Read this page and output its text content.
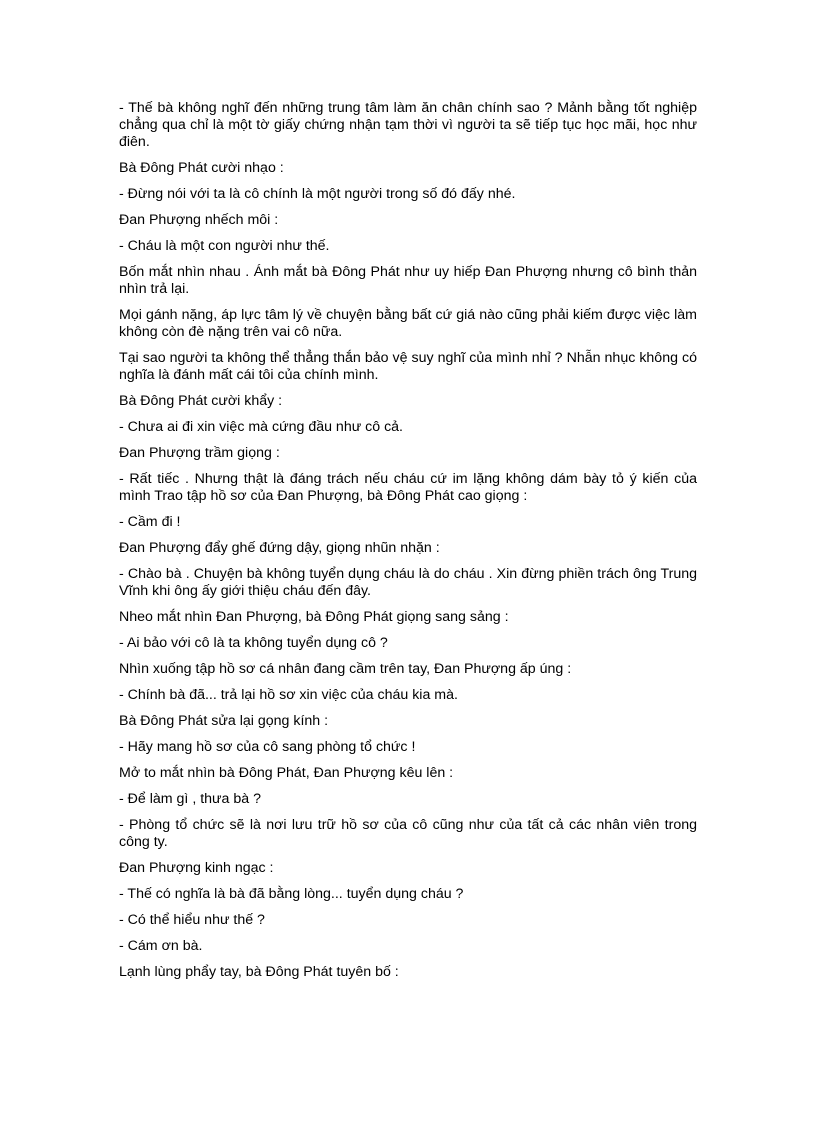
- Thế bà không nghĩ đến những trung tâm làm ăn chân chính sao ? Mảnh bằng tốt nghiệp chẳng qua chỉ là một tờ giấy chứng nhận tạm thời vì người ta sẽ tiếp tục học mãi, học như điên.

Bà Đông Phát cười nhạo :

- Đừng nói với ta là cô chính là một người trong số đó đấy nhé.

Đan Phượng nhếch môi :

- Cháu là một con người như thế.

Bốn mắt nhìn nhau . Ánh mắt bà Đông Phát như uy hiếp Đan Phượng nhưng cô bình thản nhìn trả lại.

Mọi gánh nặng, áp lực tâm lý về chuyện bằng bất cứ giá nào cũng phải kiếm được việc làm không còn đè nặng trên vai cô nữa.

Tại sao người ta không thể thẳng thắn bảo vệ suy nghĩ của mình nhỉ ? Nhẫn nhục không có nghĩa là đánh mất cái tôi của chính mình.

Bà Đông Phát cười khẩy :

- Chưa ai đi xin việc mà cứng đầu như cô cả.

Đan Phượng trầm giọng :

- Rất tiếc . Nhưng thật là đáng trách nếu cháu cứ im lặng không dám bày tỏ ý kiến của mình Trao tập hồ sơ của Đan Phượng, bà Đông Phát cao giọng :

- Cầm đi !

Đan Phượng đẩy ghế đứng dậy, giọng nhũn nhặn :

- Chào bà . Chuyện bà không tuyển dụng cháu là do cháu . Xin đừng phiền trách ông Trung Vĩnh khi ông ấy giới thiệu cháu đến đây.

Nheo mắt nhìn Đan Phượng, bà Đông Phát giọng sang sảng :

- Ai bảo với cô là ta không tuyển dụng cô ?

Nhìn xuống tập hồ sơ cá nhân đang cầm trên tay, Đan Phượng ấp úng :

- Chính bà đã... trả lại hồ sơ xin việc của cháu kia mà.

Bà Đông Phát sửa lại gọng kính :

- Hãy mang hồ sơ của cô sang phòng tổ chức !

Mở to mắt nhìn bà Đông Phát, Đan Phượng kêu lên :

- Để làm gì , thưa bà ?

- Phòng tổ chức sẽ là nơi lưu trữ hồ sơ của cô cũng như của tất cả các nhân viên trong công ty.

Đan Phượng kinh ngạc :

- Thế có nghĩa là bà đã bằng lòng... tuyển dụng cháu ?

- Có thể hiểu như thế ?

- Cám ơn bà.

Lạnh lùng phẩy tay, bà Đông Phát tuyên bố :
